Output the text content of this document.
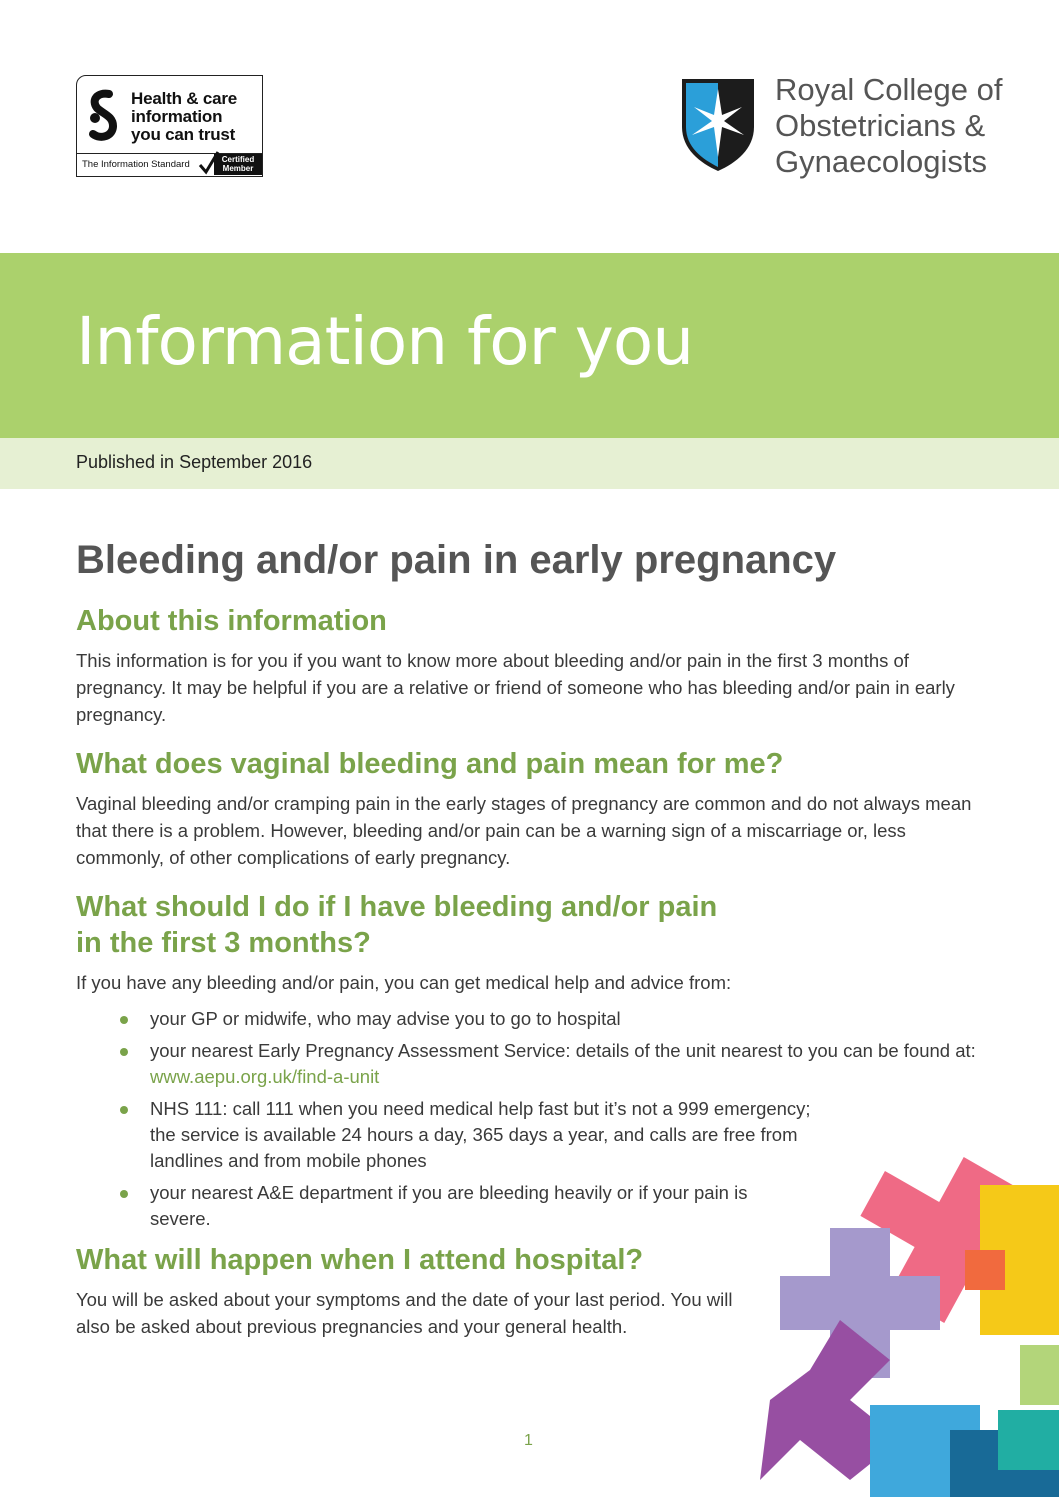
Health & care
information
you can trust
The Information Standard	Certified
Member
Royal College of
Obstetricians &
Gynaecologists
Information for you
Published in September 2016
Bleeding and/or pain in early pregnancy
About this information

This information is for you if you want to know more about bleeding and/or pain in the first 3 months of pregnancy. It may be helpful if you are a relative or friend of someone who has bleeding and/or pain in early pregnancy.

What does vaginal bleeding and pain mean for me?

Vaginal bleeding and/or cramping pain in the early stages of pregnancy are common and do not always mean that there is a problem. However, bleeding and/or pain can be a warning sign of a miscarriage or, less commonly, of other complications of early pregnancy.

What should I do if I have bleeding and/or pain
in the first 3 months?

If you have any bleeding and/or pain, you can get medical help and advice from:

your GP or midwife, who may advise you to go to hospital
your nearest Early Pregnancy Assessment Service: details of the unit nearest to you can be found at:
www.aepu.org.uk/find-a-unit
NHS 111: call 111 when you need medical help fast but it’s not a 999 emergency; the service is available 24 hours a day, 365 days a year, and calls are free from landlines and from mobile phones
your nearest A&E department if you are bleeding heavily or if your pain is severe.
What will happen when I attend hospital?

You will be asked about your symptoms and the date of your last period. You will also be asked about previous pregnancies and your general health.

1
